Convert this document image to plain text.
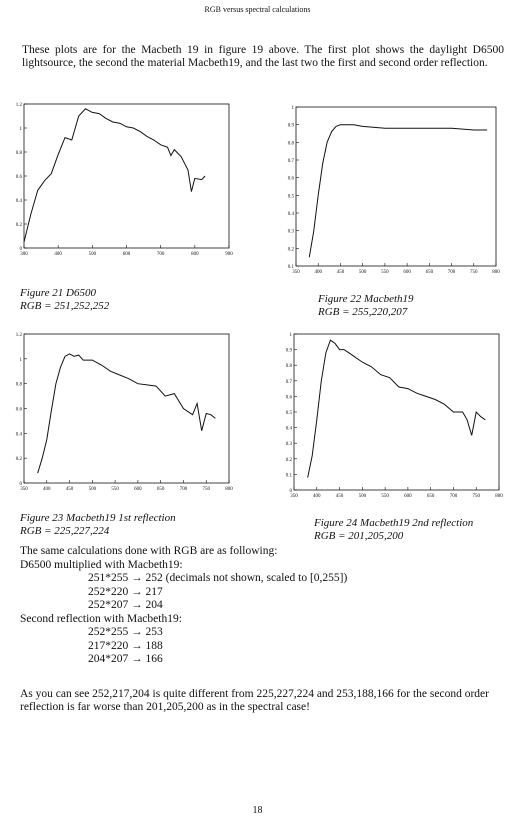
RGB versus spectral calculations
These plots are for the Macbeth 19 in figure 19 above. The first plot shows the daylight D6500 lightsource, the second the material Macbeth19, and the last two the first and second order reflection.
300	400	500	600	700	800	900
0
0.2
0.4
0.6
0.8
1
1.2
Figure 21 D6500
RGB = 251,252,252
350	400	450	500	550	600	650	700	750	800
0.1
0.2
0.3
0.4
0.5
0.6
0.7
0.8
0.9
1
Figure 22 Macbeth19
RGB = 255,220,207
350	400	450	500	550	600	650	700	750	800
0
0.2
0.4
0.6
0.8
1
1.2
Figure 23 Macbeth19 1st reflection
RGB = 225,227,224
350	400	450	500	550	600	650	700	750	800
0
0.1
0.2
0.3
0.4
0.5
0.6
0.7
0.8
0.9
1
Figure 24 Macbeth19 2nd reflection
RGB = 201,205,200
The same calculations done with RGB are as following:
D6500 multiplied with Macbeth19:
251*255 → 252 (decimals not shown, scaled to [0,255])
252*220 → 217
252*207 → 204
Second reflection with Macbeth19:
252*255 → 253
217*220 → 188
204*207 → 166
As you can see 252,217,204 is quite different from 225,227,224 and 253,188,166 for the second order reflection is far worse than 201,205,200 as in the spectral case!
18
